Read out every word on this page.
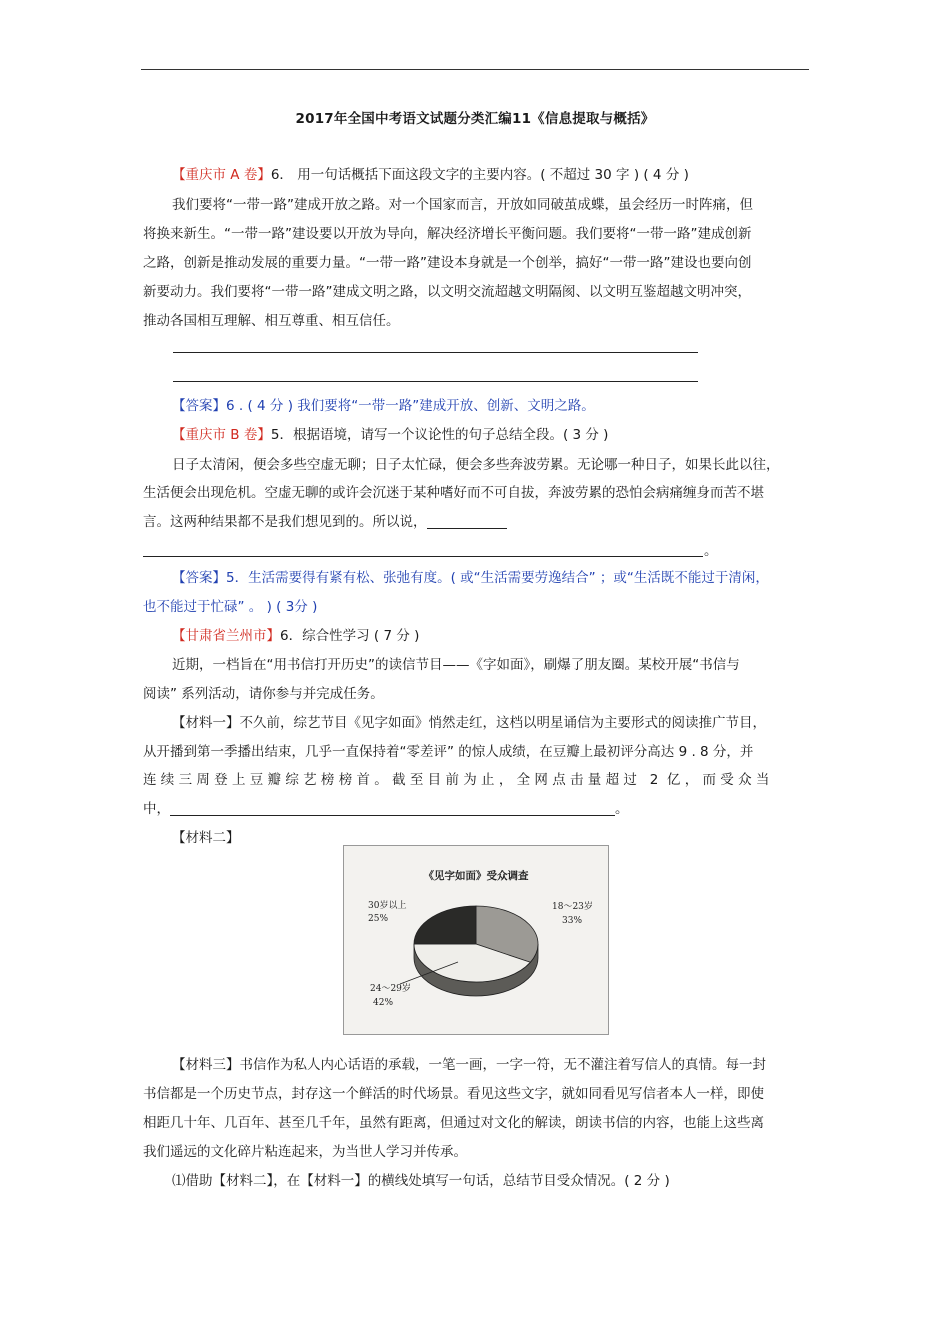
2017年全国中考语文试题分类汇编11《信息提取与概括》
【重庆市 A 卷】6． 用一句话概括下面这段文字的主要内容。( 不超过 30 字 ) ( 4 分 )
我们要将“一带一路”建成开放之路。对一个国家而言，开放如同破茧成蝶，虽会经历一时阵痛，但
将换来新生。“一带一路”建设要以开放为导向，解决经济增长平衡问题。我们要将“一带一路”建成创新
之路，创新是推动发展的重要力量。“一带一路”建设本身就是一个创举，搞好“一带一路”建设也要向创
新要动力。我们要将“一带一路”建成文明之路，以文明交流超越文明隔阂、以文明互鉴超越文明冲突，
推动各国相互理解、相互尊重、相互信任。
【答案】6 . ( 4 分 ) 我们要将“一带一路”建成开放、创新、文明之路。
【重庆市 B 卷】5．根据语境，请写一个议论性的句子总结全段。( 3 分 )
日子太清闲，便会多些空虚无聊；日子太忙碌，便会多些奔波劳累。无论哪一种日子，如果长此以往，
生活便会出现危机。空虚无聊的或许会沉迷于某种嗜好而不可自拔，奔波劳累的恐怕会病痛缠身而苦不堪
言。这两种结果都不是我们想见到的。所以说，
。
【答案】5．生活需要得有紧有松、张弛有度。( 或“生活需要劳逸结合” ；或“生活既不能过于清闲，
也不能过于忙碌” 。 ) ( 3分 )
【甘肃省兰州市】6．综合性学习 ( 7 分 )
近期，一档旨在“用书信打开历史”的读信节目——《字如面》，刷爆了朋友圈。某校开展“书信与
阅读” 系列活动，请你参与并完成任务。
【材料一】不久前，综艺节目《见字如面》悄然走红，这档以明星诵信为主要形式的阅读推广节目，
从开播到第一季播出结束，几乎一直保持着“零差评” 的惊人成绩，在豆瓣上最初评分高达 9 . 8 分，并
连 续 三 周 登 上 豆 瓣 综 艺 榜 榜 首 。 截 至 目 前 为 止 ， 全 网 点 击 量 超 过   2  亿 ， 而 受 众 当
中，	。
【材料二】
《见字如面》受众调查
18～23岁
33%
30岁以上
25%
24～29岁
42%
【材料三】书信作为私人内心话语的承载，一笔一画，一字一符，无不灌注着写信人的真情。每一封
书信都是一个历史节点，封存这一个鲜活的时代场景。看见这些文字，就如同看见写信者本人一样，即使
相距几十年、几百年、甚至几千年，虽然有距离，但通过对文化的解读，朗读书信的内容，也能上这些离
我们遥远的文化碎片粘连起来，为当世人学习并传承。
⑴借助【材料二】，在【材料一】的横线处填写一句话，总结节目受众情况。( 2 分 )
